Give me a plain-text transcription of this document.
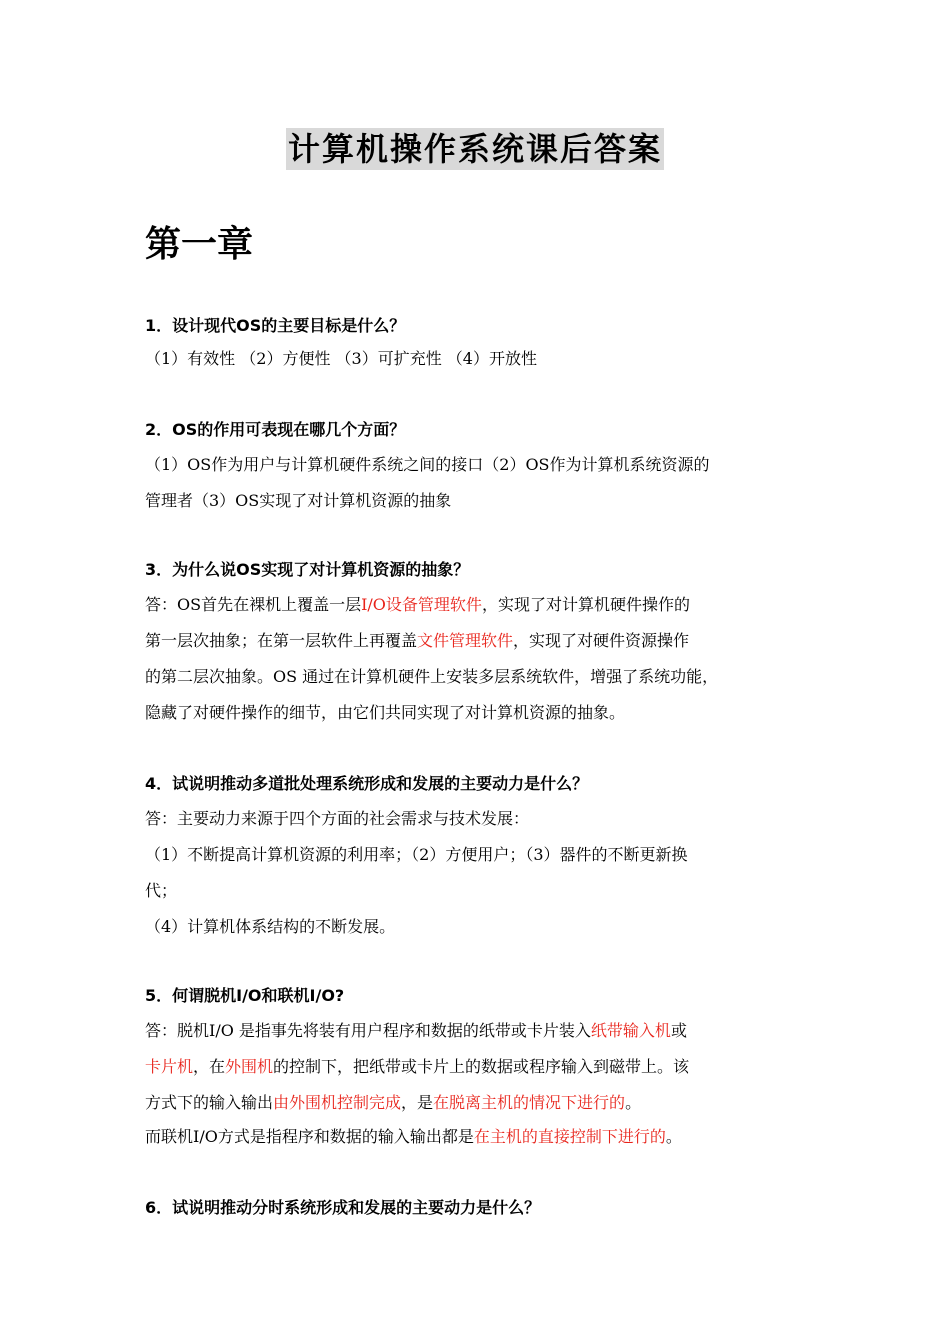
计算机操作系统课后答案
第一章

1．设计现代OS的主要目标是什么？

（1）有效性 （2）方便性 （3）可扩充性 （4）开放性

2．OS的作用可表现在哪几个方面？

（1）OS作为用户与计算机硬件系统之间的接口（2）OS作为计算机系统资源的

管理者（3）OS实现了对计算机资源的抽象

3．为什么说OS实现了对计算机资源的抽象？

答：OS首先在裸机上覆盖一层I/O设备管理软件，实现了对计算机硬件操作的

第一层次抽象；在第一层软件上再覆盖文件管理软件，实现了对硬件资源操作

的第二层次抽象。OS 通过在计算机硬件上安装多层系统软件，增强了系统功能，

隐藏了对硬件操作的细节，由它们共同实现了对计算机资源的抽象。

4．试说明推动多道批处理系统形成和发展的主要动力是什么？

答：主要动力来源于四个方面的社会需求与技术发展：

（1）不断提高计算机资源的利用率；（2）方便用户；（3）器件的不断更新换

代；

（4）计算机体系结构的不断发展。

5．何谓脱机I/O和联机I/O?

答：脱机I/O 是指事先将装有用户程序和数据的纸带或卡片装入纸带输入机或

卡片机，在外围机的控制下，把纸带或卡片上的数据或程序输入到磁带上。该

方式下的输入输出由外围机控制完成，是在脱离主机的情况下进行的。

而联机I/O方式是指程序和数据的输入输出都是在主机的直接控制下进行的。

6．试说明推动分时系统形成和发展的主要动力是什么？
